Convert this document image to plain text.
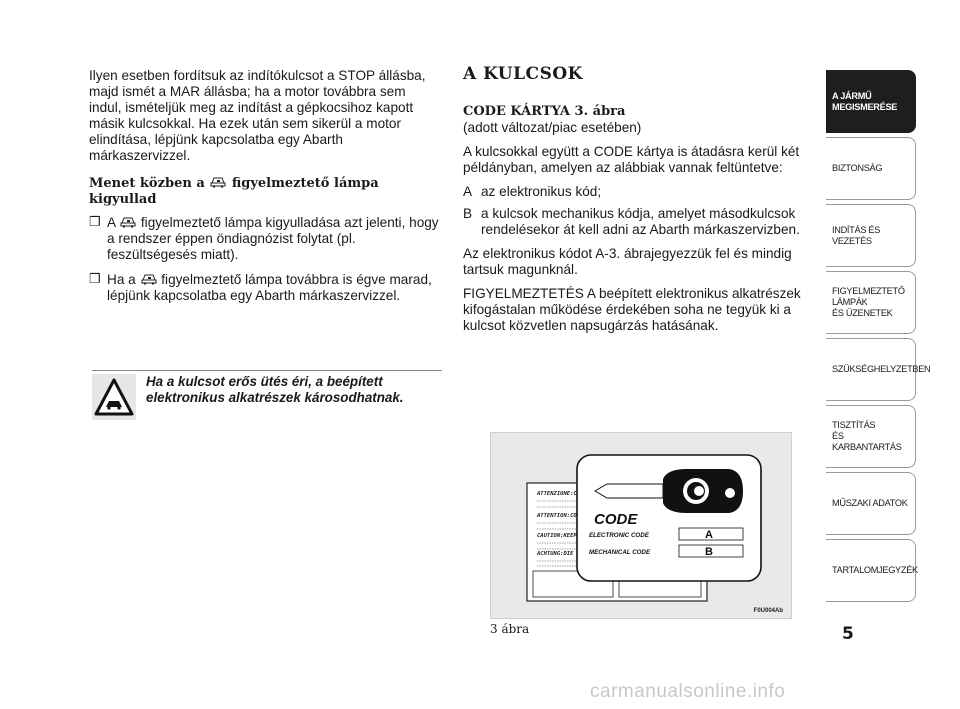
Ilyen esetben fordítsuk az indítókulcsot a STOP állásba, majd ismét a MAR állásba; ha a motor továbbra sem indul, ismételjük meg az indítást a gépkocsihoz kapott másik kulcsokkal. Ha ezek után sem sikerül a motor elindítása, lépjünk kapcsolatba egy Abarth márkaszervizzel.

Menet közben a figyelmeztető lámpa kigyullad
❒ A figyelmeztető lámpa kigyulladása azt jelenti, hogy a rendszer éppen öndiagnózist folytat (pl. feszültségesés miatt).
❒ Ha a figyelmeztető lámpa továbbra is égve marad, lépjünk kapcsolatba egy Abarth márkaszervizzel.
Ha a kulcsot erős ütés éri, a beépített elektronikus alkatrészek károsodhatnak.
A KULCSOK
CODE KÁRTYA 3. ábra

(adott változat/piac esetében)

A kulcsokkal együtt a CODE kártya is átadásra kerül két példányban, amelyen az alábbiak vannak feltüntetve:

A az elektronikus kód;
B a kulcsok mechanikus kódja, amelyet másodkulcsok rendelésekor át kell adni az Abarth márkaszervizben.

Az elektronikus kódot A-3. ábrajegyezzük fel és mindig tartsuk magunknál.

FIGYELMEZTETÉS A beépített elektronikus alkatrészek kifogástalan működése érdekében soha ne tegyük ki a kulcsot közvetlen napsugárzás hatásának.

ATTENZIONE:C
ATTENTION:CO
CAUTION:KEEP
ACHTUNG:DIE
CODE
ELECTRONIC CODE
MECHANICAL CODE
A
B
F0U004Ab
3 ábra
A JÁRMŰ
MEGISMERÉSE
BIZTONSÁG
INDÍTÁS ÉS VEZETÉS
FIGYELMEZTETŐ
LÁMPÁK
ÉS ÜZENETEK
SZÜKSÉGHELYZETBEN
TISZTÍTÁS
ÉS KARBANTARTÁS
MŰSZAKI ADATOK
TARTALOMJEGYZÉK
5
carmanualsonline.info
